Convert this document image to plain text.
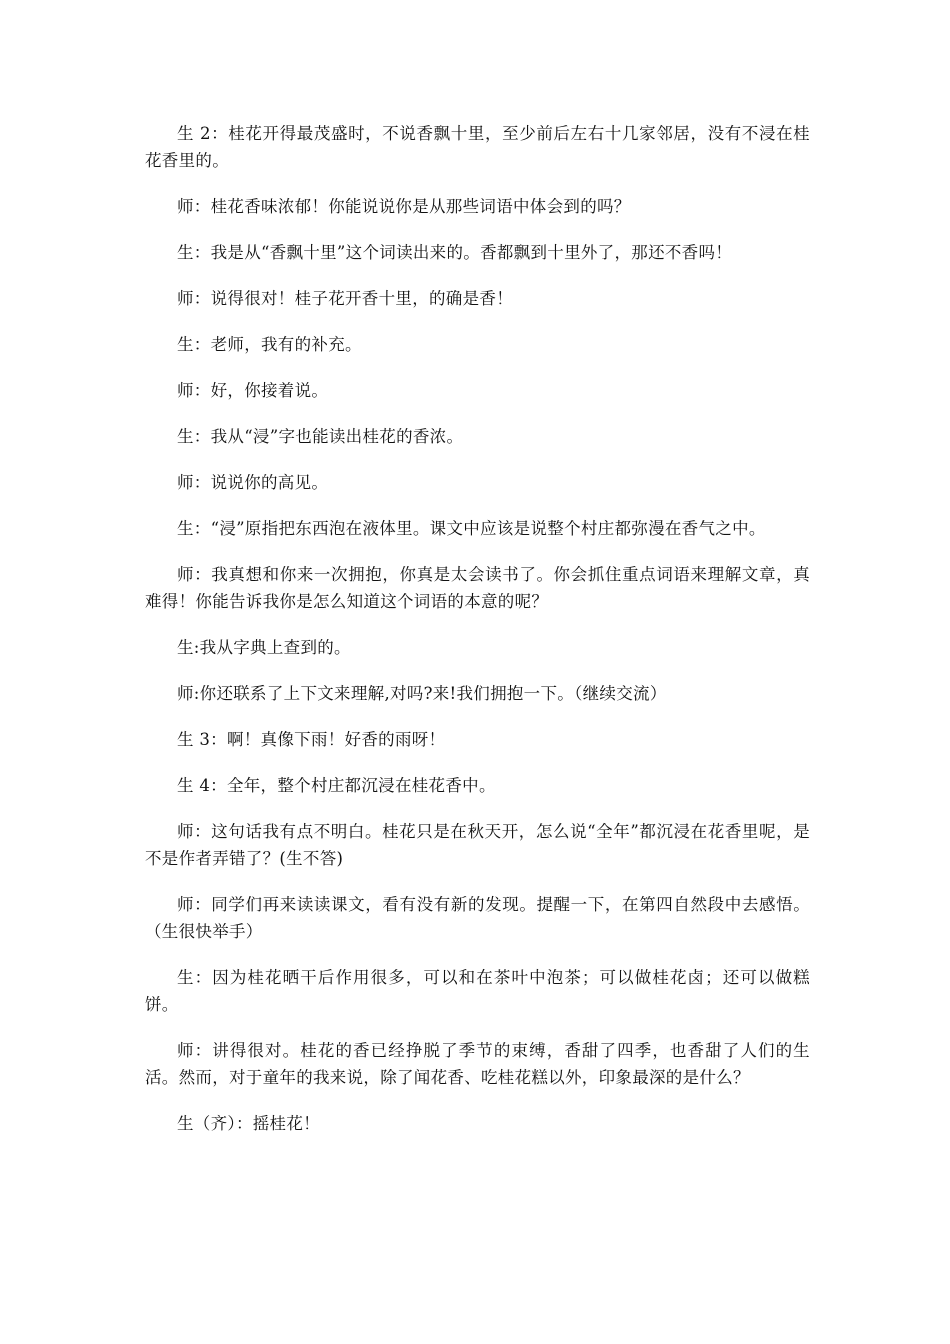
生 2：桂花开得最茂盛时，不说香飘十里，至少前后左右十几家邻居，没有不浸在桂花香里的。

师：桂花香味浓郁！你能说说你是从那些词语中体会到的吗？

生：我是从“香飘十里”这个词读出来的。香都飘到十里外了，那还不香吗！

师：说得很对！桂子花开香十里，的确是香！

生：老师，我有的补充。

师：好，你接着说。

生：我从“浸”字也能读出桂花的香浓。

师：说说你的高见。

生：“浸”原指把东西泡在液体里。课文中应该是说整个村庄都弥漫在香气之中。

师：我真想和你来一次拥抱，你真是太会读书了。你会抓住重点词语来理解文章，真难得！你能告诉我你是怎么知道这个词语的本意的呢？

生:我从字典上查到的。

师:你还联系了上下文来理解,对吗?来!我们拥抱一下。（继续交流）

生 3：啊！真像下雨！好香的雨呀！

生 4：全年，整个村庄都沉浸在桂花香中。

师：这句话我有点不明白。桂花只是在秋天开，怎么说“全年”都沉浸在花香里呢，是不是作者弄错了？(生不答)

师：同学们再来读读课文，看有没有新的发现。提醒一下，在第四自然段中去感悟。（生很快举手）

生：因为桂花晒干后作用很多，可以和在茶叶中泡茶；可以做桂花卤；还可以做糕饼。

师：讲得很对。桂花的香已经挣脱了季节的束缚，香甜了四季，也香甜了人们的生活。然而，对于童年的我来说，除了闻花香、吃桂花糕以外，印象最深的是什么？

生（齐）：摇桂花！
